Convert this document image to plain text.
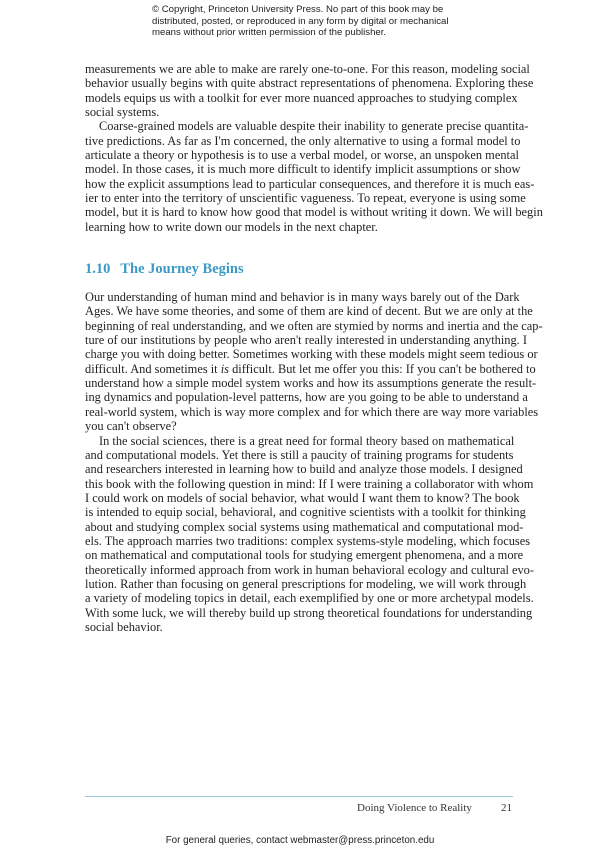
© Copyright, Princeton University Press. No part of this book may be
distributed, posted, or reproduced in any form by digital or mechanical
means without prior written permission of the publisher.
measurements we are able to make are rarely one-to-one. For this reason, modeling social
behavior usually begins with quite abstract representations of phenomena. Exploring these
models equips us with a toolkit for ever more nuanced approaches to studying complex
social systems.
Coarse-grained models are valuable despite their inability to generate precise quantita-
tive predictions. As far as I'm concerned, the only alternative to using a formal model to
articulate a theory or hypothesis is to use a verbal model, or worse, an unspoken mental
model. In those cases, it is much more difficult to identify implicit assumptions or show
how the explicit assumptions lead to particular consequences, and therefore it is much eas-
ier to enter into the territory of unscientific vagueness. To repeat, everyone is using some
model, but it is hard to know how good that model is without writing it down. We will begin
learning how to write down our models in the next chapter.
1.10 The Journey Begins
Our understanding of human mind and behavior is in many ways barely out of the Dark
Ages. We have some theories, and some of them are kind of decent. But we are only at the
beginning of real understanding, and we often are stymied by norms and inertia and the cap-
ture of our institutions by people who aren't really interested in understanding anything. I
charge you with doing better. Sometimes working with these models might seem tedious or
difficult. And sometimes it is difficult. But let me offer you this: If you can't be bothered to
understand how a simple model system works and how its assumptions generate the result-
ing dynamics and population-level patterns, how are you going to be able to understand a
real-world system, which is way more complex and for which there are way more variables
you can't observe?
In the social sciences, there is a great need for formal theory based on mathematical
and computational models. Yet there is still a paucity of training programs for students
and researchers interested in learning how to build and analyze those models. I designed
this book with the following question in mind: If I were training a collaborator with whom
I could work on models of social behavior, what would I want them to know? The book
is intended to equip social, behavioral, and cognitive scientists with a toolkit for thinking
about and studying complex social systems using mathematical and computational mod-
els. The approach marries two traditions: complex systems-style modeling, which focuses
on mathematical and computational tools for studying emergent phenomena, and a more
theoretically informed approach from work in human behavioral ecology and cultural evo-
lution. Rather than focusing on general prescriptions for modeling, we will work through
a variety of modeling topics in detail, each exemplified by one or more archetypal models.
With some luck, we will thereby build up strong theoretical foundations for understanding
social behavior.
Doing Violence to Reality	21
For general queries, contact webmaster@press.princeton.edu
